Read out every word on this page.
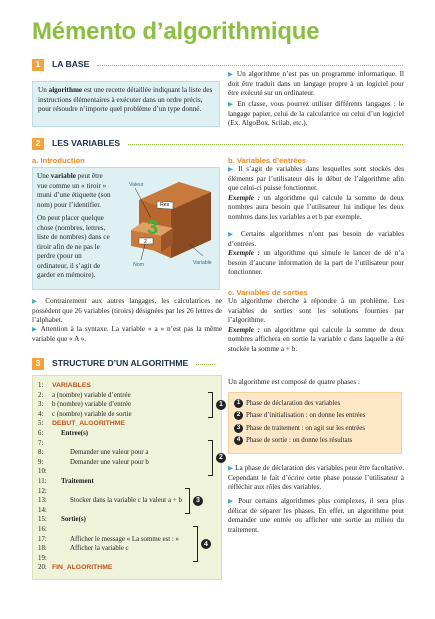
Mémento d’algorithmique
1	LA BASE
Un algorithme est une recette détaillée indiquant la liste des instructions élémentaires à exécuter dans un ordre précis, pour résoudre n’importe quel problème d’un type donné.
▶ Un algorithme n’est pas un programme informatique. Il doit être traduit dans un langage propre à un logiciel pour être exécuté sur un ordinateur.
▶ En classe, vous pourrez utiliser différents langages : le langage papier, celui de la calculatrice ou celui d’un logiciel (Ex. AlgoBox, Scilab, etc.).
2	LES VARIABLES
a. Introduction
Une variable peut être vue comme un « tiroir » muni d’une étiquette (son nom) pour l’identifier.
On peut placer quelque chose (nombres, lettres, liste de nombres) dans ce tiroir afin de ne pas le perdre (pour un ordinateur, il s’agit de garder en mémoire).
Res
2
3
Valeur
Nom	Variable
▶ Contrairement aux autres langages, les calculatrices ne possèdent que 26 variables (tiroirs) désignées par les 26 lettres de l’alphabet.
▶ Attention à la syntaxe. La variable « a » n’est pas la même variable que « A ».
b. Variables d’entrées
▶ Il s’agit de variables dans lesquelles sont stockés des éléments par l’utilisateur dès le début de l’algorithme afin que celui-ci puisse fonctionner.
Exemple : un algorithme qui calcule la somme de deux nombres aura besoin que l’utilisateur lui indique les deux nombres dans les variables a et b par exemple.
▶ Certains algorithmes n’ont pas besoin de variables d’entrées.
Exemple : un algorithme qui simule le lancer de dé n’a besoin d’aucune information de la part de l’utilisateur pour fonctionner.
c. Variables de sorties
Un algorithme cherche à répondre à un problème. Les variables de sorties sont les solutions fournies par l’algorithme.
Exemple : un algorithme qui calcule la somme de deux nombres affichera en sortie la variable c dans laquelle a été stockée la somme a + b.
3	STRUCTURE D’UN ALGORITHME
1: VARIABLES
2: a (nombre) variable d’entrée
3: b (nombre) variable d’entrée
4: c (nombre) variable de sortie
5: DEBUT_ALGORITHME
6:	Entree(s)
7:
8:	Demander une valeur pour a
9:	Demander une valeur pour b
10:
11: Traitement
12:
13:	Stocker dans la variable c la valeur a + b
14:
15: Sortie(s)
16:
17:	Afficher le message « La somme est : »
18:	Afficher la variable c
19:
20: FIN_ALGORITHME
1
2
3
4
Un algorithme est composé de quatre phases :
1 Phase de déclaration des variables
2 Phase d’initialisation : on donne les entrées
3 Phase de traitement : on agit sur les entrées
4 Phase de sortie : on donne les résultats
▶ La phase de déclaration des variables peut être facultative. Cependant le fait d’écrire cette phase pousse l’utilisateur à réfléchir aux rôles des variables.
▶ Pour certains algorithmes plus complexes, il sera plus délicat de séparer les phases. En effet, un algorithme peut demander une entrée ou afficher une sortie au milieu du traitement.
